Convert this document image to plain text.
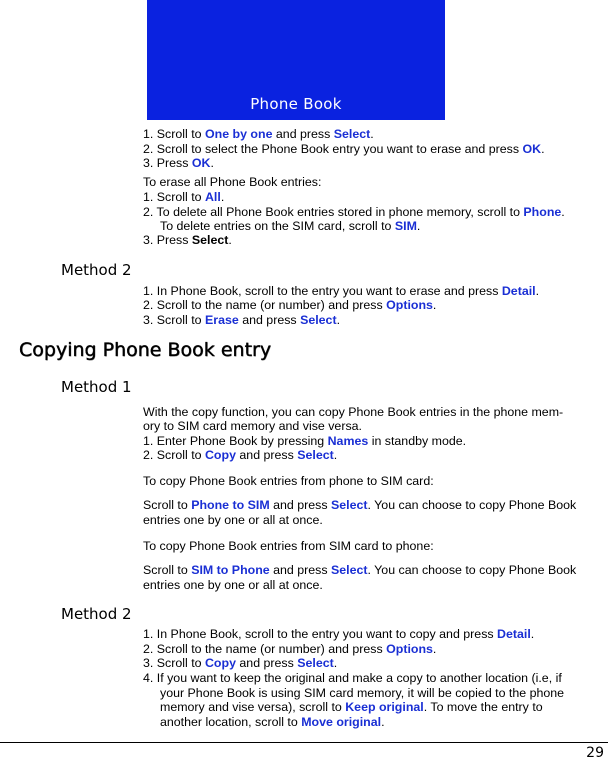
Phone Book
1. Scroll to One by one and press Select.
2. Scroll to select the Phone Book entry you want to erase and press OK.
3. Press OK.
To erase all Phone Book entries:
1. Scroll to All.
2. To delete all Phone Book entries stored in phone memory, scroll to Phone.
To delete entries on the SIM card, scroll to SIM.
3. Press Select.
Method 2
1. In Phone Book, scroll to the entry you want to erase and press Detail.
2. Scroll to the name (or number) and press Options.
3. Scroll to Erase and press Select.
Copying Phone Book entry
Method 1
With the copy function, you can copy Phone Book entries in the phone mem-
ory to SIM card memory and vise versa.
1. Enter Phone Book by pressing Names in standby mode.
2. Scroll to Copy and press Select.
To copy Phone Book entries from phone to SIM card:
Scroll to Phone to SIM and press Select. You can choose to copy Phone Book
entries one by one or all at once.
To copy Phone Book entries from SIM card to phone:
Scroll to SIM to Phone and press Select. You can choose to copy Phone Book
entries one by one or all at once.
Method 2
1. In Phone Book, scroll to the entry you want to copy and press Detail.
2. Scroll to the name (or number) and press Options.
3. Scroll to Copy and press Select.
4. If you want to keep the original and make a copy to another location (i.e, if
your Phone Book is using SIM card memory, it will be copied to the phone
memory and vise versa), scroll to Keep original. To move the entry to
another location, scroll to Move original.
29
